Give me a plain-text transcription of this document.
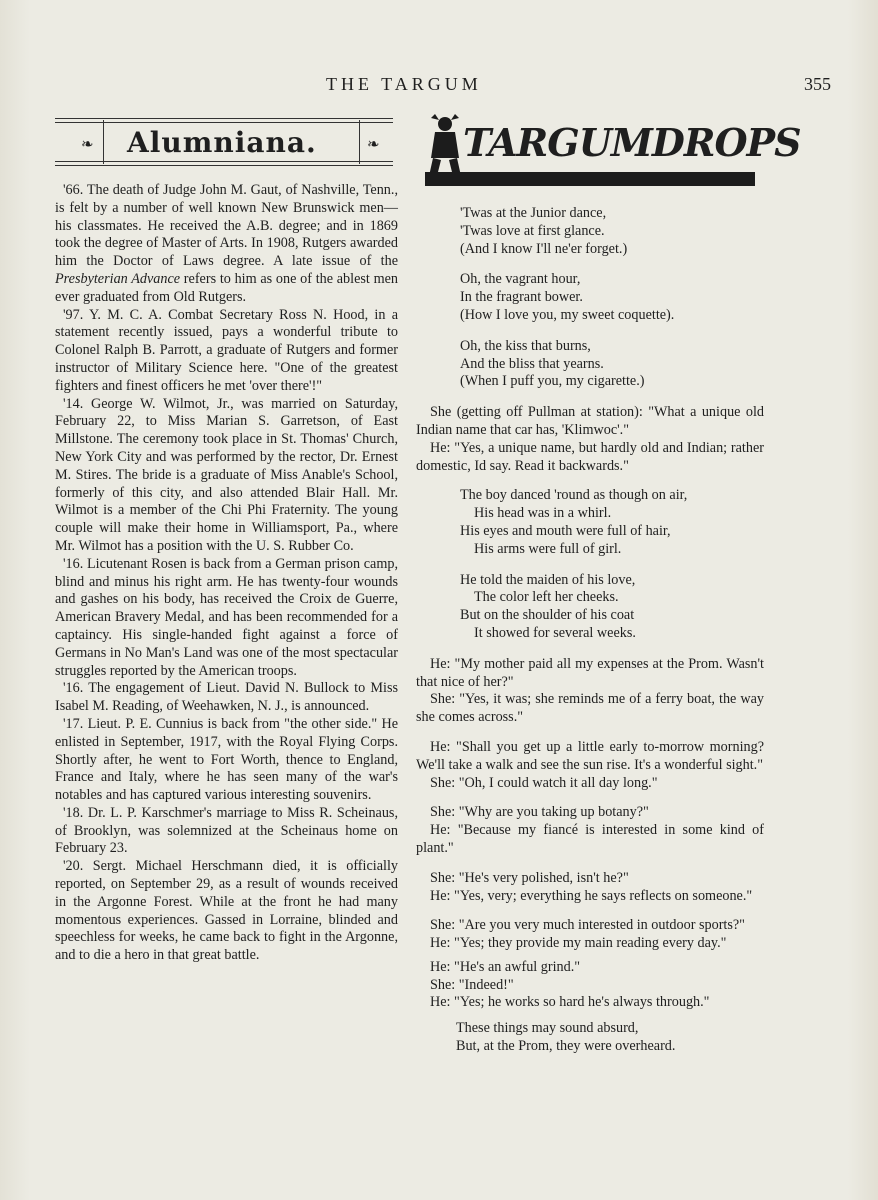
THE TARGUM	355
❧ Alumniana.	❧ TARGUMDROPS

'66. The death of Judge John M. Gaut, of Nashville, Tenn., is felt by a number of well known New Brunswick men—his classmates. He received the A.B. degree; and in 1869 took the degree of Master of Arts. In 1908, Rutgers awarded him the Doctor of Laws degree. A late issue of the Presbyterian Advance refers to him as one of the ablest men ever graduated from Old Rutgers.

'97. Y. M. C. A. Combat Secretary Ross N. Hood, in a statement recently issued, pays a wonderful tribute to Colonel Ralph B. Parrott, a graduate of Rutgers and former instructor of Military Science here. "One of the greatest fighters and finest officers he met 'over there'!"

'14. George W. Wilmot, Jr., was married on Saturday, February 22, to Miss Marian S. Garretson, of East Millstone. The ceremony took place in St. Thomas' Church, New York City and was performed by the rector, Dr. Ernest M. Stires. The bride is a graduate of Miss Anable's School, formerly of this city, and also attended Blair Hall. Mr. Wilmot is a member of the Chi Phi Fraternity. The young couple will make their home in Williamsport, Pa., where Mr. Wilmot has a position with the U. S. Rubber Co.

'16. Licutenant Rosen is back from a German prison camp, blind and minus his right arm. He has twenty-four wounds and gashes on his body, has received the Croix de Guerre, American Bravery Medal, and has been recommended for a captaincy. His single-handed fight against a force of Germans in No Man's Land was one of the most spectacular struggles reported by the American troops.

'16. The engagement of Lieut. David N. Bullock to Miss Isabel M. Reading, of Weehawken, N. J., is announced.

'17. Lieut. P. E. Cunnius is back from "the other side." He enlisted in September, 1917, with the Royal Flying Corps. Shortly after, he went to Fort Worth, thence to England, France and Italy, where he has seen many of the war's notables and has captured various interesting souvenirs.

'18. Dr. L. P. Karschmer's marriage to Miss R. Scheinaus, of Brooklyn, was solemnized at the Scheinaus home on February 23.

'20. Sergt. Michael Herschmann died, it is officially reported, on September 29, as a result of wounds received in the Argonne Forest. While at the front he had many momentous experiences. Gassed in Lorraine, blinded and speechless for weeks, he came back to fight in the Argonne, and to die a hero in that great battle.

'Twas at the Junior dance,
'Twas love at first glance.
(And I know I'll ne'er forget.)
Oh, the vagrant hour,
In the fragrant bower.
(How I love you, my sweet coquette).
Oh, the kiss that burns,
And the bliss that yearns.
(When I puff you, my cigarette.)

She (getting off Pullman at station): "What a unique old Indian name that car has, 'Klimwoc'."

He: "Yes, a unique name, but hardly old and Indian; rather domestic, Id say. Read it backwards."

The boy danced 'round as though on air,
His head was in a whirl.
His eyes and mouth were full of hair,
His arms were full of girl.
He told the maiden of his love,
The color left her cheeks.
But on the shoulder of his coat
It showed for several weeks.

He: "My mother paid all my expenses at the Prom. Wasn't that nice of her?"

She: "Yes, it was; she reminds me of a ferry boat, the way she comes across."

He: "Shall you get up a little early to-morrow morning? We'll take a walk and see the sun rise. It's a wonderful sight."

She: "Oh, I could watch it all day long."

She: "Why are you taking up botany?"

He: "Because my fiancé is interested in some kind of plant."

She: "He's very polished, isn't he?"

He: "Yes, very; everything he says reflects on someone."

She: "Are you very much interested in outdoor sports?"

He: "Yes; they provide my main reading every day."

He: "He's an awful grind."

She: "Indeed!"

He: "Yes; he works so hard he's always through."

These things may sound absurd,
But, at the Prom, they were overheard.
